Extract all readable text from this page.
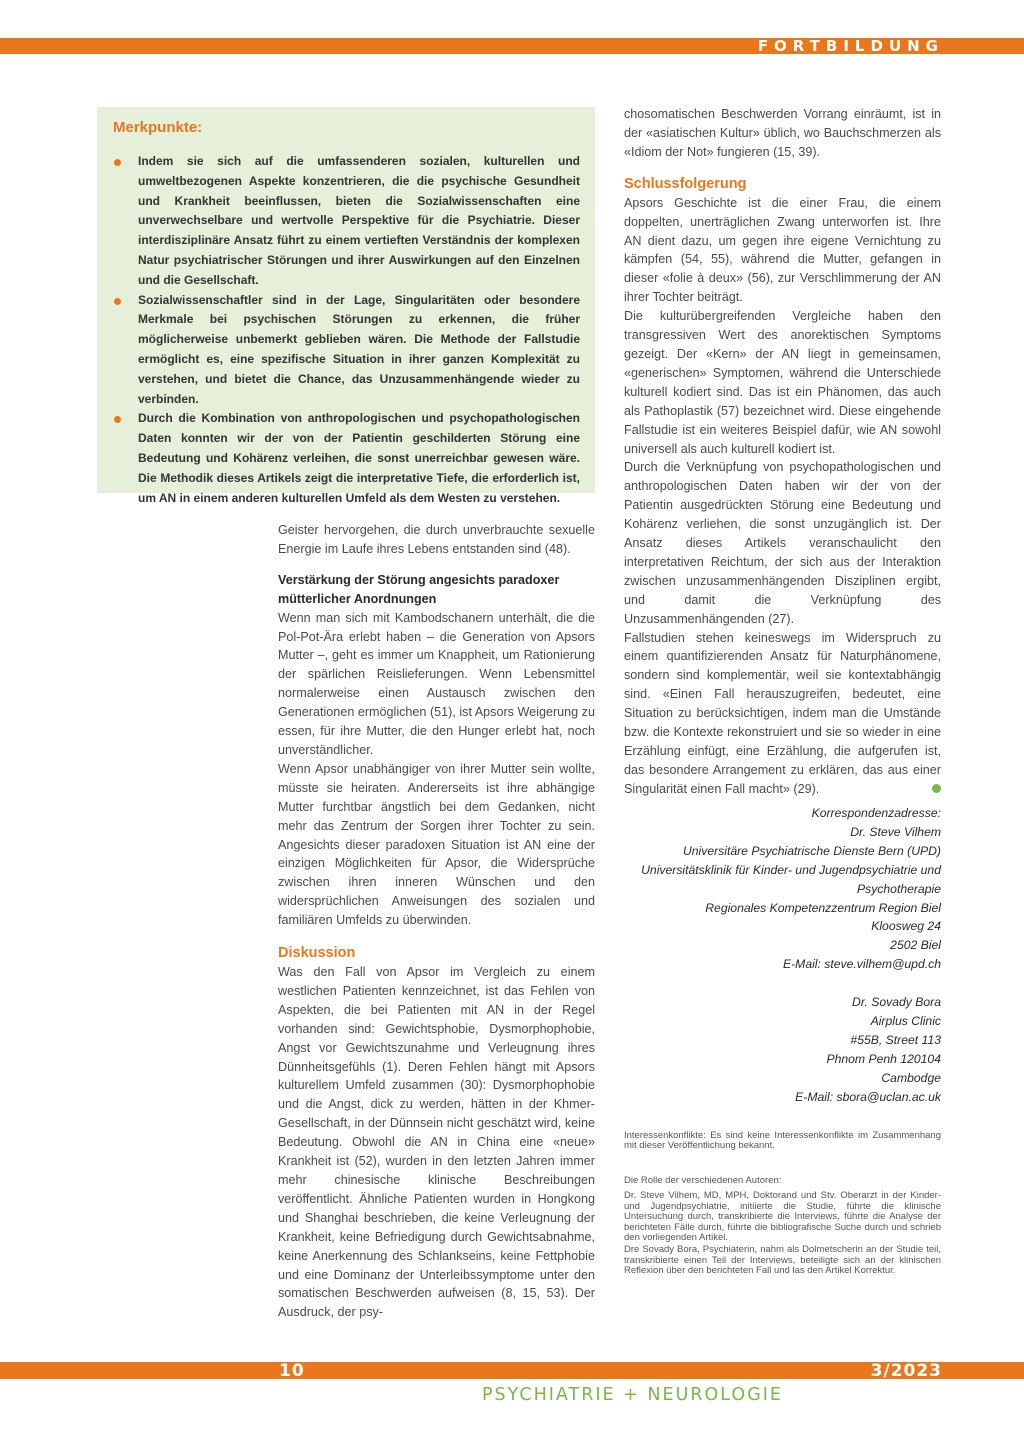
FORTBILDUNG
Merkpunkte:
Indem sie sich auf die umfassenderen sozialen, kulturellen und umweltbezogenen Aspekte konzentrieren, die die psychische Gesundheit und Krankheit beeinflussen, bieten die Sozialwissenschaften eine unverwechselbare und wertvolle Perspektive für die Psychiatrie. Dieser interdisziplinäre Ansatz führt zu einem vertieften Verständnis der komplexen Natur psychiatrischer Störungen und ihrer Auswirkungen auf den Einzelnen und die Gesellschaft.
Sozialwissenschaftler sind in der Lage, Singularitäten oder besondere Merkmale bei psychischen Störungen zu erkennen, die früher möglicherweise unbemerkt geblieben wären. Die Methode der Fallstudie ermöglicht es, eine spezifische Situation in ihrer ganzen Komplexität zu verstehen, und bietet die Chance, das Unzusammenhängende wieder zu verbinden.
Durch die Kombination von anthropologischen und psychopathologischen Daten konnten wir der von der Patientin geschilderten Störung eine Bedeutung und Kohärenz verleihen, die sonst unerreichbar gewesen wäre. Die Methodik dieses Artikels zeigt die interpretative Tiefe, die erforderlich ist, um AN in einem anderen kulturellen Umfeld als dem Westen zu verstehen.

Geister hervorgehen, die durch unverbrauchte sexuelle Energie im Laufe ihres Lebens entstanden sind (48).

Verstärkung der Störung angesichts paradoxer mütterlicher Anordnungen

Wenn man sich mit Kambodschanern unterhält, die die Pol-Pot-Ära erlebt haben – die Generation von Apsors Mutter –, geht es immer um Knappheit, um Rationierung der spärlichen Reislieferungen. Wenn Lebensmittel normalerweise einen Austausch zwischen den Generationen ermöglichen (51), ist Apsors Weigerung zu essen, für ihre Mutter, die den Hunger erlebt hat, noch unverständlicher.

Wenn Apsor unabhängiger von ihrer Mutter sein wollte, müsste sie heiraten. Andererseits ist ihre abhängige Mutter furchtbar ängstlich bei dem Gedanken, nicht mehr das Zentrum der Sorgen ihrer Tochter zu sein. Angesichts dieser paradoxen Situation ist AN eine der einzigen Möglichkeiten für Apsor, die Widersprüche zwischen ihren inneren Wünschen und den widersprüchlichen Anweisungen des sozialen und familiären Umfelds zu überwinden.

Diskussion

Was den Fall von Apsor im Vergleich zu einem westlichen Patienten kennzeichnet, ist das Fehlen von Aspekten, die bei Patienten mit AN in der Regel vorhanden sind: Gewichtsphobie, Dysmorphophobie, Angst vor Gewichtszunahme und Verleugnung ihres Dünnheitsgefühls (1). Deren Fehlen hängt mit Apsors kulturellem Umfeld zusammen (30): Dysmorphophobie und die Angst, dick zu werden, hätten in der Khmer-Gesellschaft, in der Dünnsein nicht geschätzt wird, keine Bedeutung. Obwohl die AN in China eine «neue» Krankheit ist (52), wurden in den letzten Jahren immer mehr chinesische klinische Beschreibungen veröffentlicht. Ähnliche Patienten wurden in Hongkong und Shanghai beschrieben, die keine Verleugnung der Krankheit, keine Befriedigung durch Gewichtsabnahme, keine Anerkennung des Schlankseins, keine Fettphobie und eine Dominanz der Unterleibssymptome unter den somatischen Beschwerden aufweisen (8, 15, 53). Der Ausdruck, der psy-

chosomatischen Beschwerden Vorrang einräumt, ist in der «asiatischen Kultur» üblich, wo Bauchschmerzen als «Idiom der Not» fungieren (15, 39).

Schlussfolgerung

Apsors Geschichte ist die einer Frau, die einem doppelten, unerträglichen Zwang unterworfen ist. Ihre AN dient dazu, um gegen ihre eigene Vernichtung zu kämpfen (54, 55), während die Mutter, gefangen in dieser «folie à deux» (56), zur Verschlimmerung der AN ihrer Tochter beiträgt.

Die kulturübergreifenden Vergleiche haben den transgressiven Wert des anorektischen Symptoms gezeigt. Der «Kern» der AN liegt in gemeinsamen, «generischen» Symptomen, während die Unterschiede kulturell kodiert sind. Das ist ein Phänomen, das auch als Pathoplastik (57) bezeichnet wird. Diese eingehende Fallstudie ist ein weiteres Beispiel dafür, wie AN sowohl universell als auch kulturell kodiert ist.

Durch die Verknüpfung von psychopathologischen und anthropologischen Daten haben wir der von der Patientin ausgedrückten Störung eine Bedeutung und Kohärenz verliehen, die sonst unzugänglich ist. Der Ansatz dieses Artikels veranschaulicht den interpretativen Reichtum, der sich aus der Interaktion zwischen unzusammenhängenden Disziplinen ergibt, und damit die Verknüpfung des Unzusammenhängenden (27).

Fallstudien stehen keineswegs im Widerspruch zu einem quantifizierenden Ansatz für Naturphänomene, sondern sind komplementär, weil sie kontextabhängig sind. «Einen Fall herauszugreifen, bedeutet, eine Situation zu berücksichtigen, indem man die Umstände bzw. die Kontexte rekonstruiert und sie so wieder in eine Erzählung einfügt, eine Erzählung, die aufgerufen ist, das besondere Arrangement zu erklären, das aus einer Singularität einen Fall macht» (29).

Korrespondenzadresse:
Dr. Steve Vilhem
Universitäre Psychiatrische Dienste Bern (UPD)
Universitätsklinik für Kinder- und Jugendpsychiatrie und
Psychotherapie
Regionales Kompetenzzentrum Region Biel
Kloosweg 24
2502 Biel
E-Mail: steve.vilhem@upd.ch
Dr. Sovady Bora
Airplus Clinic
#55B, Street 113
Phnom Penh 120104
Cambodge
E-Mail: sbora@uclan.ac.uk

Interessenkonflikte: Es sind keine Interessenkonflikte im Zusammenhang mit dieser Veröffentlichung bekannt.

Die Rolle der verschiedenen Autoren:

Dr. Steve Vilhem, MD, MPH, Doktorand und Stv. Oberarzt in der Kinder- und Jugendpsychiatrie, initiierte die Studie, führte die klinische Untersuchung durch, transkribierte die Interviews, führte die Analyse der berichteten Fälle durch, führte die bibliografische Suche durch und schrieb den vorliegenden Artikel.

Dre Sovady Bora, Psychiaterin, nahm als Dolmetscherin an der Studie teil, transkribierte einen Teil der Interviews, beteiligte sich an der klinischen Reflexion über den berichteten Fall und las den Artikel Korrektur.

10	3/2023
PSYCHIATRIE + NEUROLOGIE
